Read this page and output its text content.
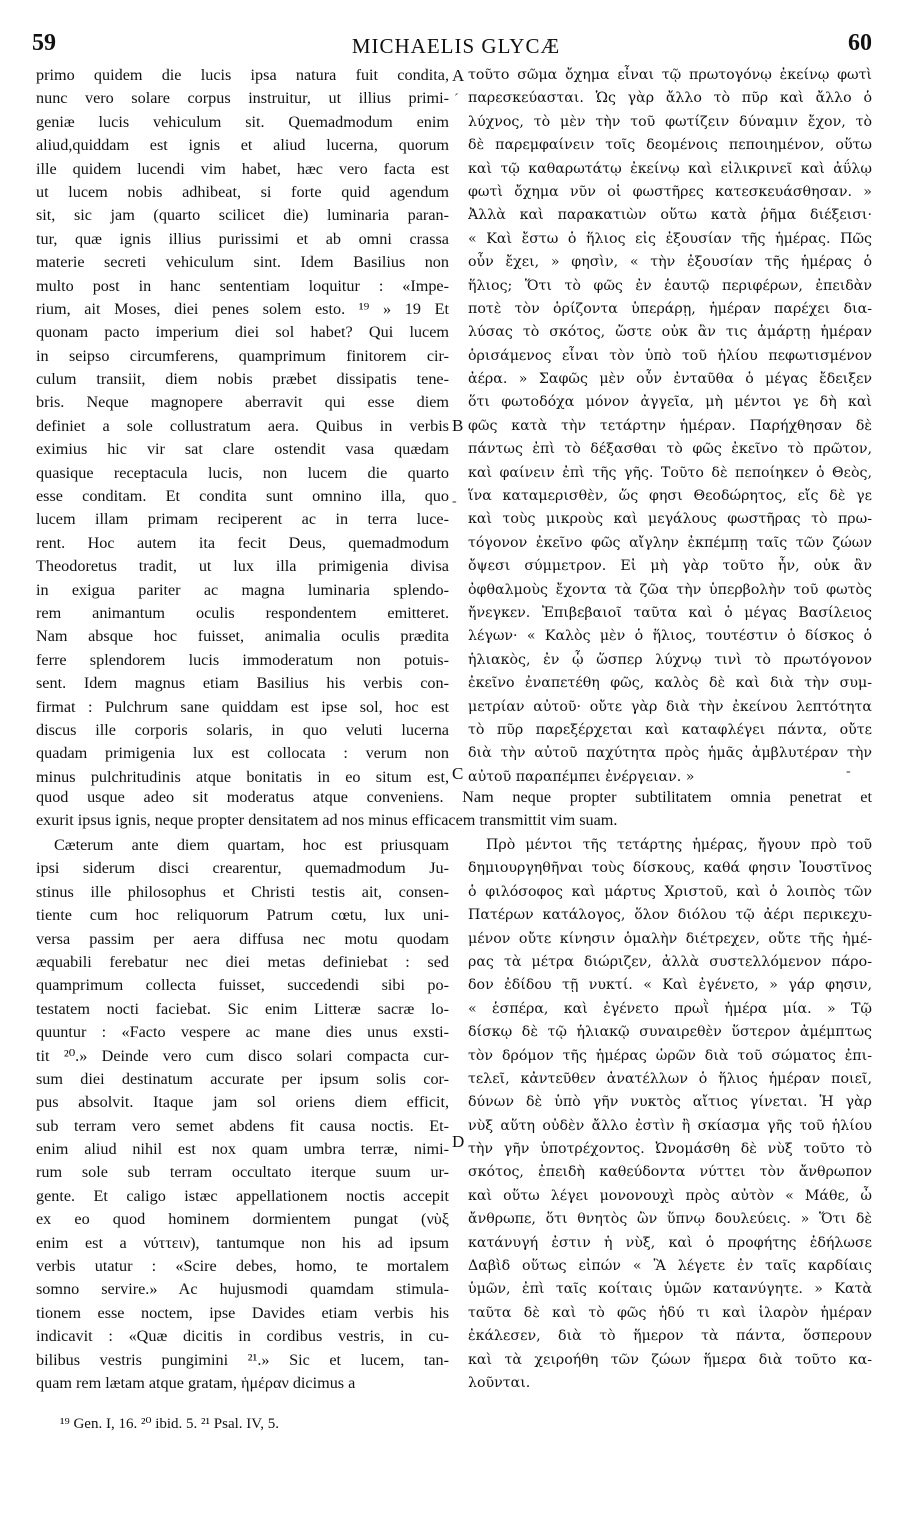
59	MICHAELIS GLYCÆ	60
primo quidem die lucis ipsa natura fuit condita,
nunc vero solare corpus instruitur, ut illius primi-
geniæ lucis vehiculum sit. Quemadmodum enim
aliud,quiddam est ignis et aliud lucerna, quorum
ille quidem lucendi vim habet, hæc vero facta est
ut lucem nobis adhibeat, si forte quid agendum
sit, sic jam (quarto scilicet die) luminaria paran-
tur, quæ ignis illius purissimi et ab omni crassa
materie secreti vehiculum sint. Idem Basilius non
multo post in hanc sententiam loquitur : «Impe-
rium, ait Moses, diei penes solem esto. ¹⁹ » 19 Et
quonam pacto imperium diei sol habet? Qui lucem
in seipso circumferens, quamprimum finitorem cir-
culum transiit, diem nobis præbet dissipatis tene-
bris. Neque magnopere aberravit qui esse diem
definiet a sole collustratum aera. Quibus in verbis
eximius hic vir sat clare ostendit vasa quædam
quasique receptacula lucis, non lucem die quarto
esse conditam. Et condita sunt omnino illa, quo
lucem illam primam reciperent ac in terra luce-
rent. Hoc autem ita fecit Deus, quemadmodum
Theodoretus tradit, ut lux illa primigenia divisa
in exigua pariter ac magna luminaria splendo-
rem animantum oculis respondentem emitteret.
Nam absque hoc fuisset, animalia oculis prædita
ferre splendorem lucis immoderatum non potuis-
sent. Idem magnus etiam Basilius his verbis con-
firmat : Pulchrum sane quiddam est ipse sol, hoc est
discus ille corporis solaris, in quo veluti lucerna
quadam primigenia lux est collocata : verum non
minus pulchritudinis atque bonitatis in eo situm est,
τοῦτο σῶμα ὄχημα εἶναι τῷ πρωτογόνῳ ἐκείνῳ φωτὶ
παρεσκεύασται. Ὡς γὰρ ἄλλο τὸ πῦρ καὶ ἄλλο ὁ
λύχνος, τὸ μὲν τὴν τοῦ φωτίζειν δύναμιν ἔχον, τὸ
δὲ παρεμφαίνειν τοῖς δεομένοις πεποιημένον, οὕτω
καὶ τῷ καθαρωτάτῳ ἐκείνῳ καὶ εἰλικρινεῖ καὶ ἀΰλῳ
φωτὶ ὄχημα νῦν οἱ φωστῆρες κατεσκευάσθησαν. »
Ἀλλὰ καὶ παρακατιὼν οὕτω κατὰ ῥῆμα διέξεισι·
« Καὶ ἔστω ὁ ἥλιος εἰς ἐξουσίαν τῆς ἡμέρας. Πῶς
οὖν ἔχει, » φησὶν, « τὴν ἐξουσίαν τῆς ἡμέρας ὁ
ἥλιος; Ὅτι τὸ φῶς ἐν ἑαυτῷ περιφέρων, ἐπειδὰν
ποτὲ τὸν ὁρίζοντα ὑπεράρῃ, ἡμέραν παρέχει δια-
λύσας τὸ σκότος, ὥστε οὐκ ἂν τις ἁμάρτῃ ἡμέραν
ὁρισάμενος εἶναι τὸν ὑπὸ τοῦ ἡλίου πεφωτισμένον
ἀέρα. » Σαφῶς μὲν οὖν ἐνταῦθα ὁ μέγας ἔδειξεν
ὅτι φωτοδόχα μόνον ἀγγεῖα, μὴ μέντοι γε δὴ καὶ
φῶς κατὰ τὴν τετάρτην ἡμέραν. Παρήχθησαν δὲ
πάντως ἐπὶ τὸ δέξασθαι τὸ φῶς ἐκεῖνο τὸ πρῶτον,
καὶ φαίνειν ἐπὶ τῆς γῆς. Τοῦτο δὲ πεποίηκεν ὁ Θεὸς,
ἵνα καταμερισθὲν, ὥς φησι Θεοδώρητος, εἴς δὲ γε
καὶ τοὺς μικροὺς καὶ μεγάλους φωστῆρας τὸ πρω-
τόγονον ἐκεῖνο φῶς αἴγλην ἐκπέμπῃ ταῖς τῶν ζώων
ὄψεσι σύμμετρον. Εἰ μὴ γὰρ τοῦτο ἦν, οὐκ ἂν
ὀφθαλμοὺς ἔχοντα τὰ ζῶα τὴν ὑπερβολὴν τοῦ φωτὸς
ἤνεγκεν. Ἐπιβεβαιοῖ ταῦτα καὶ ὁ μέγας Βασίλειος
λέγων· « Καλὸς μὲν ὁ ἥλιος, τουτέστιν ὁ δίσκος ὁ
ἡλιακὸς, ἐν ᾧ ὥσπερ λύχνῳ τινὶ τὸ πρωτόγονον
ἐκεῖνο ἐναπετέθη φῶς, καλὸς δὲ καὶ διὰ τὴν συμ-
μετρίαν αὐτοῦ· οὔτε γὰρ διὰ τὴν ἐκείνου λεπτότητα
τὸ πῦρ παρεξέρχεται καὶ καταφλέγει πάντα, οὔτε
διὰ τὴν αὐτοῦ παχύτητα πρὸς ἡμᾶς ἀμβλυτέραν τὴν
αὐτοῦ παραπέμπει ἐνέργειαν. »
quod usque adeo sit moderatus atque conveniens. Nam neque propter subtilitatem omnia penetrat et
exurit ipsus ignis, neque propter densitatem ad nos minus efficacem transmittit vim suam.
Cæterum ante diem quartam, hoc est priusquam
ipsi siderum disci crearentur, quemadmodum Ju-
stinus ille philosophus et Christi testis ait, consen-
tiente cum hoc reliquorum Patrum cœtu, lux uni-
versa passim per aera diffusa nec motu quodam
æquabili ferebatur nec diei metas definiebat : sed
quamprimum collecta fuisset, succedendi sibi po-
testatem nocti faciebat. Sic enim Litteræ sacræ lo-
quuntur : «Facto vespere ac mane dies unus exsti-
tit ²⁰.» Deinde vero cum disco solari compacta cur-
sum diei destinatum accurate per ipsum solis cor-
pus absolvit. Itaque jam sol oriens diem efficit,
sub terram vero semet abdens fit causa noctis. Et-
enim aliud nihil est nox quam umbra terræ, nimi-
rum sole sub terram occultato iterque suum ur-
gente. Et caligo istæc appellationem noctis accepit
ex eo quod hominem dormientem pungat (νὺξ
enim est a νύττειν), tantumque non his ad ipsum
verbis utatur : «Scire debes, homo, te mortalem
somno servire.» Ac hujusmodi quamdam stimula-
tionem esse noctem, ipse Davides etiam verbis his
indicavit : «Quæ dicitis in cordibus vestris, in cu-
bilibus vestris pungimini ²¹.» Sic et lucem, tan-
quam rem lætam atque gratam, ἡμέραν dicimus a
Πρὸ μέντοι τῆς τετάρτης ἡμέρας, ἤγουν πρὸ τοῦ
δημιουργηθῆναι τοὺς δίσκους, καθά φησιν Ἰουστῖνος
ὁ φιλόσοφος καὶ μάρτυς Χριστοῦ, καὶ ὁ λοιπὸς τῶν
Πατέρων κατάλογος, ὅλον διόλου τῷ ἀέρι περικεχυ-
μένον οὔτε κίνησιν ὁμαλὴν διέτρεχεν, οὔτε τῆς ἡμέ-
ρας τὰ μέτρα διώριζεν, ἀλλὰ συστελλόμενον πάρο-
δον ἐδίδου τῇ νυκτί. « Καὶ ἐγένετο, » γάρ φησιν,
« ἑσπέρα, καὶ ἐγένετο πρωῒ ἡμέρα μία. » Τῷ
δίσκῳ δὲ τῷ ἡλιακῷ συναιρεθὲν ὕστερον ἀμέμπτως
τὸν δρόμον τῆς ἡμέρας ὡρῶν διὰ τοῦ σώματος ἐπι-
τελεῖ, κἀντεῦθεν ἀνατέλλων ὁ ἥλιος ἡμέραν ποιεῖ,
δύνων δὲ ὑπὸ γῆν νυκτὸς αἴτιος γίνεται. Ἡ γὰρ
νὺξ αὕτη οὐδὲν ἄλλο ἐστὶν ἢ σκίασμα γῆς τοῦ ἡλίου
τὴν γῆν ὑποτρέχοντος. Ὠνομάσθη δὲ νὺξ τοῦτο τὸ
σκότος, ἐπειδὴ καθεύδοντα νύττει τὸν ἄνθρωπον
καὶ οὕτω λέγει μονονουχὶ πρὸς αὐτὸν « Μάθε, ὦ
ἄνθρωπε, ὅτι θνητὸς ὢν ὕπνῳ δουλεύεις. » Ὅτι δὲ
κατάνυγή ἐστιν ἡ νὺξ, καὶ ὁ προφήτης ἐδήλωσε
Δαβὶδ οὕτως εἰπών « Ἃ λέγετε ἐν ταῖς καρδίαις
ὑμῶν, ἐπὶ ταῖς κοίταις ὑμῶν κατανύγητε. » Κατὰ
ταῦτα δὲ καὶ τὸ φῶς ἡδύ τι καὶ ἱλαρὸν ἡμέραν
ἐκάλεσεν, διὰ τὸ ἥμερον τὰ πάντα, ὅσπερουν
καὶ τὰ χειροήθη τῶν ζώων ἥμερα διὰ τοῦτο κα-
λοῦνται.
A
B
C
D
´
-
-
¹⁹ Gen. I, 16. ²⁰ ibid. 5. ²¹ Psal. IV, 5.
